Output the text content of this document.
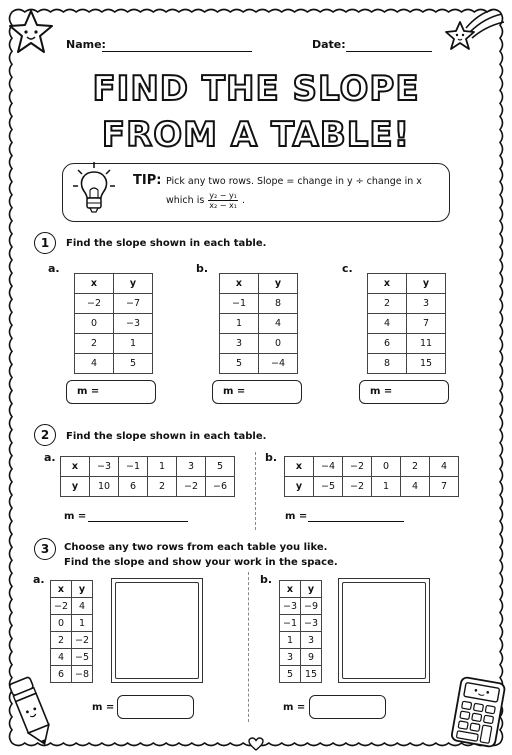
Name:	Date:
FIND THE SLOPE
FROM A TABLE!
TIP: Pick any two rows. Slope = change in y ÷ change in x
which is $\frac{\text{y₂ − y₁}}{\text{x₂ − x₁}}$ .
1	Find the slope shown in each table.
a.	b.	c.
x	y
−2	−7
0	−3
2	1
4	5
x	y
−1	8
1	4
3	0
5	−4
x	y
2	3
4	7
6	11
8	15
m =	m =	m =
2	Find the slope shown in each table.
a.	b.
x	−3	−1	1	3	5
y	10	6	2	−2	−6
x	−4	−2	0	2	4
y	−5	−2	1	4	7
m =	m =
3	Choose any two rows from each table you like.
Find the slope and show your work in the space.
a.	b.
x	y
−2	4
0	1
2	−2
4	−5
6	−8
x	y
−3	−9
−1	−3
1	3
3	9
5	15
m =	m =
